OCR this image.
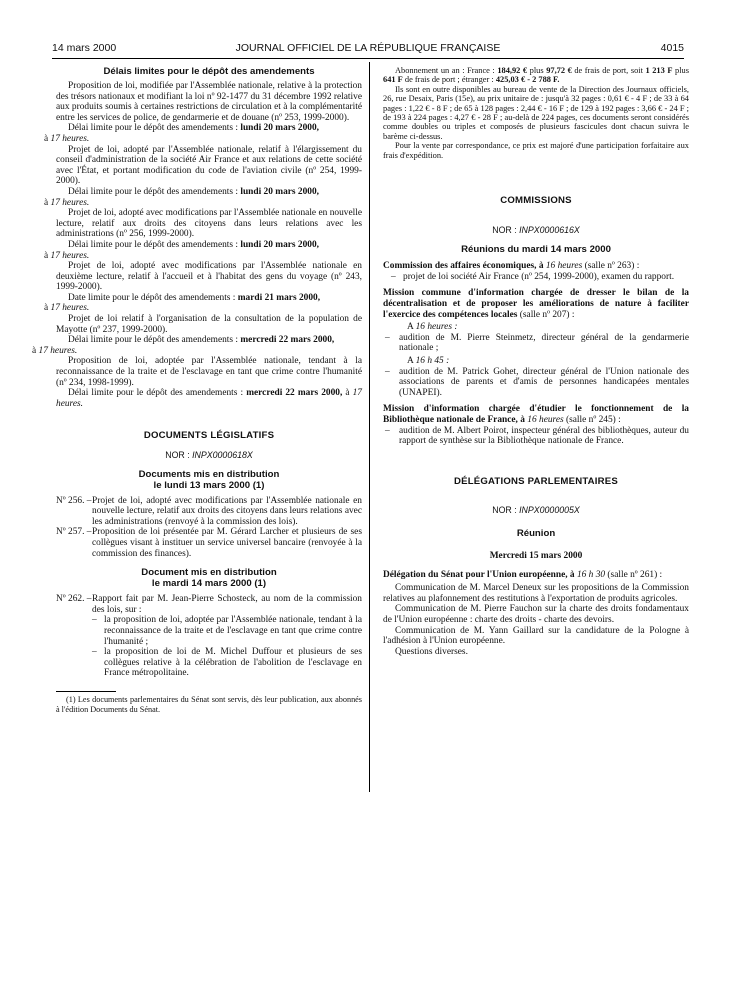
14 mars 2000	JOURNAL OFFICIEL DE LA RÉPUBLIQUE FRANÇAISE	4015
Délais limites pour le dépôt des amendements

Proposition de loi, modifiée par l'Assemblée nationale, relative à la protection des trésors nationaux et modifiant la loi nº 92-1477 du 31 décembre 1992 relative aux produits soumis à certaines restrictions de circulation et à la complémentarité entre les services de police, de gendarmerie et de douane (nº 253, 1999-2000).

Délai limite pour le dépôt des amendements : lundi 20 mars 2000,
à 17 heures.

Projet de loi, adopté par l'Assemblée nationale, relatif à l'élargissement du conseil d'administration de la société Air France et aux relations de cette société avec l'État, et portant modification du code de l'aviation civile (nº 254, 1999-2000).

Délai limite pour le dépôt des amendements : lundi 20 mars 2000,
à 17 heures.

Projet de loi, adopté avec modifications par l'Assemblée nationale en nouvelle lecture, relatif aux droits des citoyens dans leurs relations avec les administrations (nº 256, 1999-2000).

Délai limite pour le dépôt des amendements : lundi 20 mars 2000,
à 17 heures.

Projet de loi, adopté avec modifications par l'Assemblée nationale en deuxième lecture, relatif à l'accueil et à l'habitat des gens du voyage (nº 243, 1999-2000).

Date limite pour le dépôt des amendements : mardi 21 mars 2000,
à 17 heures.

Projet de loi relatif à l'organisation de la consultation de la population de Mayotte (nº 237, 1999-2000).

Délai limite pour le dépôt des amendements : mercredi 22 mars 2000,
à 17 heures.

Proposition de loi, adoptée par l'Assemblée nationale, tendant à la reconnaissance de la traite et de l'esclavage en tant que crime contre l'humanité (nº 234, 1998-1999).

Délai limite pour le dépôt des amendements : mercredi 22 mars 2000, à 17 heures.

DOCUMENTS LÉGISLATIFS
NOR : INPX0000618X
Documents mis en distribution
le lundi 13 mars 2000 (1)
Nº 256. – Projet de loi, adopté avec modifications par l'Assemblée nationale en nouvelle lecture, relatif aux droits des citoyens dans leurs relations avec les administrations (renvoyé à la commission des lois).
Nº 257. – Proposition de loi présentée par M. Gérard Larcher et plusieurs de ses collègues visant à instituer un service universel bancaire (renvoyée à la commission des finances).
Document mis en distribution
le mardi 14 mars 2000 (1)
Nº 262. – Rapport fait par M. Jean-Pierre Schosteck, au nom de la commission des lois, sur :
– la proposition de loi, adoptée par l'Assemblée nationale, tendant à la reconnaissance de la traite et de l'esclavage en tant que crime contre l'humanité ;
– la proposition de loi de M. Michel Duffour et plusieurs de ses collègues relative à la célébration de l'abolition de l'esclavage en France métropolitaine.
(1) Les documents parlementaires du Sénat sont servis, dès leur publication, aux abonnés à l'édition Documents du Sénat.

Abonnement un an : France : 184,92 € plus 97,72 € de frais de port, soit 1 213 F plus 641 F de frais de port ; étranger : 425,03 € - 2 788 F.

Ils sont en outre disponibles au bureau de vente de la Direction des Journaux officiels, 26, rue Desaix, Paris (15e), au prix unitaire de : jusqu'à 32 pages : 0,61 € - 4 F ; de 33 à 64 pages : 1,22 € - 8 F ; de 65 à 128 pages : 2,44 € - 16 F ; de 129 à 192 pages : 3,66 € - 24 F ; de 193 à 224 pages : 4,27 € - 28 F ; au-delà de 224 pages, ces documents seront considérés comme doubles ou triples et composés de plusieurs fascicules dont chacun suivra le barème ci-dessus.

Pour la vente par correspondance, ce prix est majoré d'une participation forfaitaire aux frais d'expédition.

COMMISSIONS
NOR : INPX0000616X
Réunions du mardi 14 mars 2000

Commission des affaires économiques, à 16 heures (salle nº 263) :

– projet de loi société Air France (nº 254, 1999-2000), examen du rapport.

Mission commune d'information chargée de dresser le bilan de la décentralisation et de proposer les améliorations de nature à faciliter l'exercice des compétences locales (salle nº 207) :

A 16 heures :

– audition de M. Pierre Steinmetz, directeur général de la gendarmerie nationale ;

A 16 h 45 :

– audition de M. Patrick Gohet, directeur général de l'Union nationale des associations de parents et d'amis de personnes handicapées mentales (UNAPEI).

Mission d'information chargée d'étudier le fonctionnement de la Bibliothèque nationale de France, à 16 heures (salle nº 245) :

– audition de M. Albert Poirot, inspecteur général des bibliothèques, auteur du rapport de synthèse sur la Bibliothèque nationale de France.
DÉLÉGATIONS PARLEMENTAIRES
NOR : INPX0000005X
Réunion
Mercredi 15 mars 2000

Délégation du Sénat pour l'Union européenne, à 16 h 30 (salle nº 261) :

Communication de M. Marcel Deneux sur les propositions de la Commission relatives au plafonnement des restitutions à l'exportation de produits agricoles.

Communication de M. Pierre Fauchon sur la charte des droits fondamentaux de l'Union européenne : charte des droits - charte des devoirs.

Communication de M. Yann Gaillard sur la candidature de la Pologne à l'adhésion à l'Union européenne.

Questions diverses.
